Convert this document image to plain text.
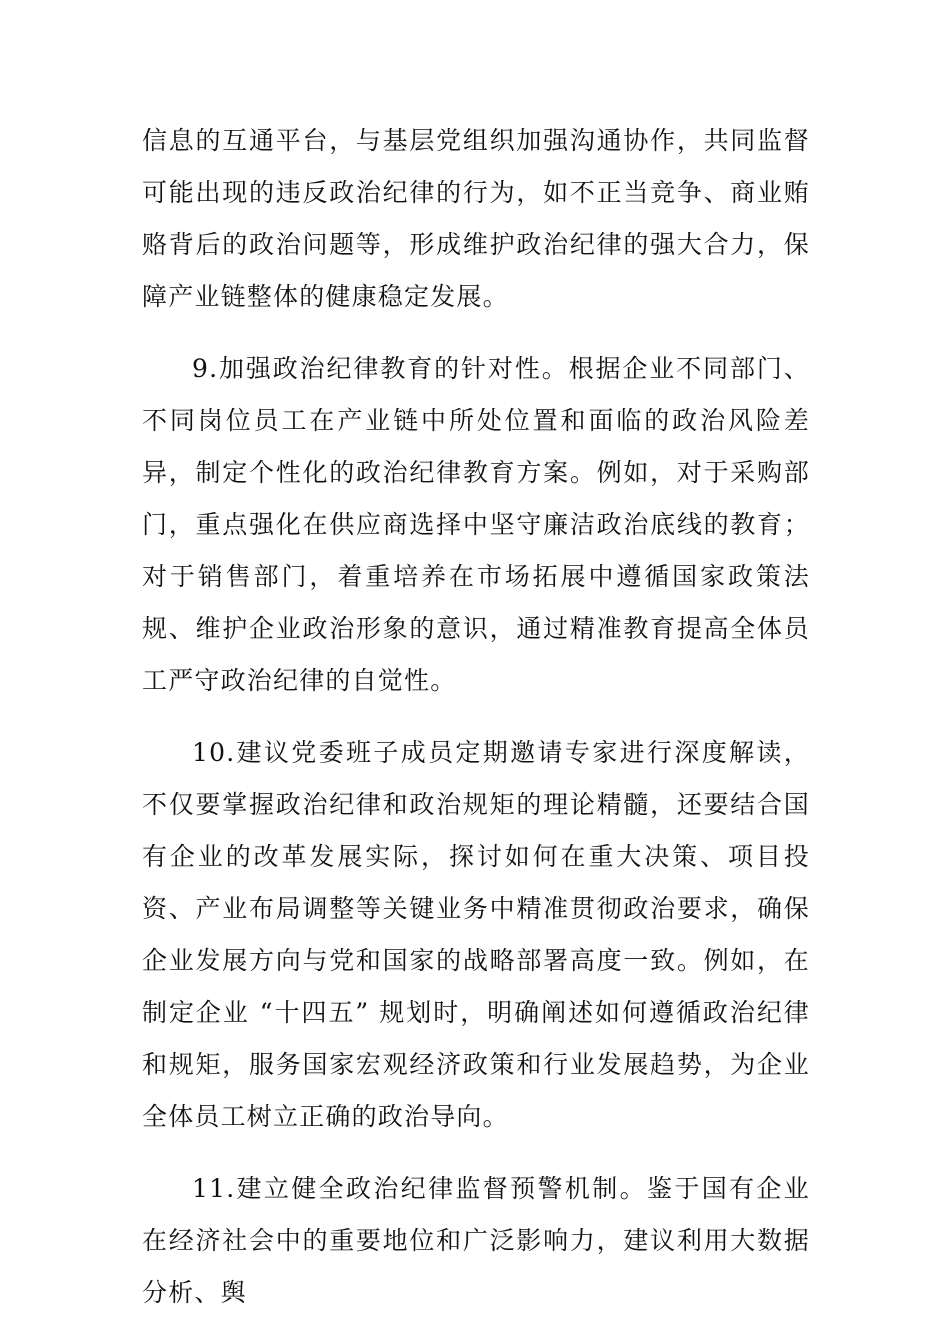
信息的互通平台，与基层党组织加强沟通协作，共同监督可能出现的违反政治纪律的行为，如不正当竞争、商业贿赂背后的政治问题等，形成维护政治纪律的强大合力，保障产业链整体的健康稳定发展。

9.加强政治纪律教育的针对性。根据企业不同部门、不同岗位员工在产业链中所处位置和面临的政治风险差异，制定个性化的政治纪律教育方案。例如，对于采购部门，重点强化在供应商选择中坚守廉洁政治底线的教育；对于销售部门，着重培养在市场拓展中遵循国家政策法规、维护企业政治形象的意识，通过精准教育提高全体员工严守政治纪律的自觉性。

10.建议党委班子成员定期邀请专家进行深度解读，不仅要掌握政治纪律和政治规矩的理论精髓，还要结合国有企业的改革发展实际，探讨如何在重大决策、项目投资、产业布局调整等关键业务中精准贯彻政治要求，确保企业发展方向与党和国家的战略部署高度一致。例如，在制定企业 “十四五” 规划时，明确阐述如何遵循政治纪律和规矩，服务国家宏观经济政策和行业发展趋势，为企业全体员工树立正确的政治导向。

11.建立健全政治纪律监督预警机制。鉴于国有企业在经济社会中的重要地位和广泛影响力，建议利用大数据分析、舆
